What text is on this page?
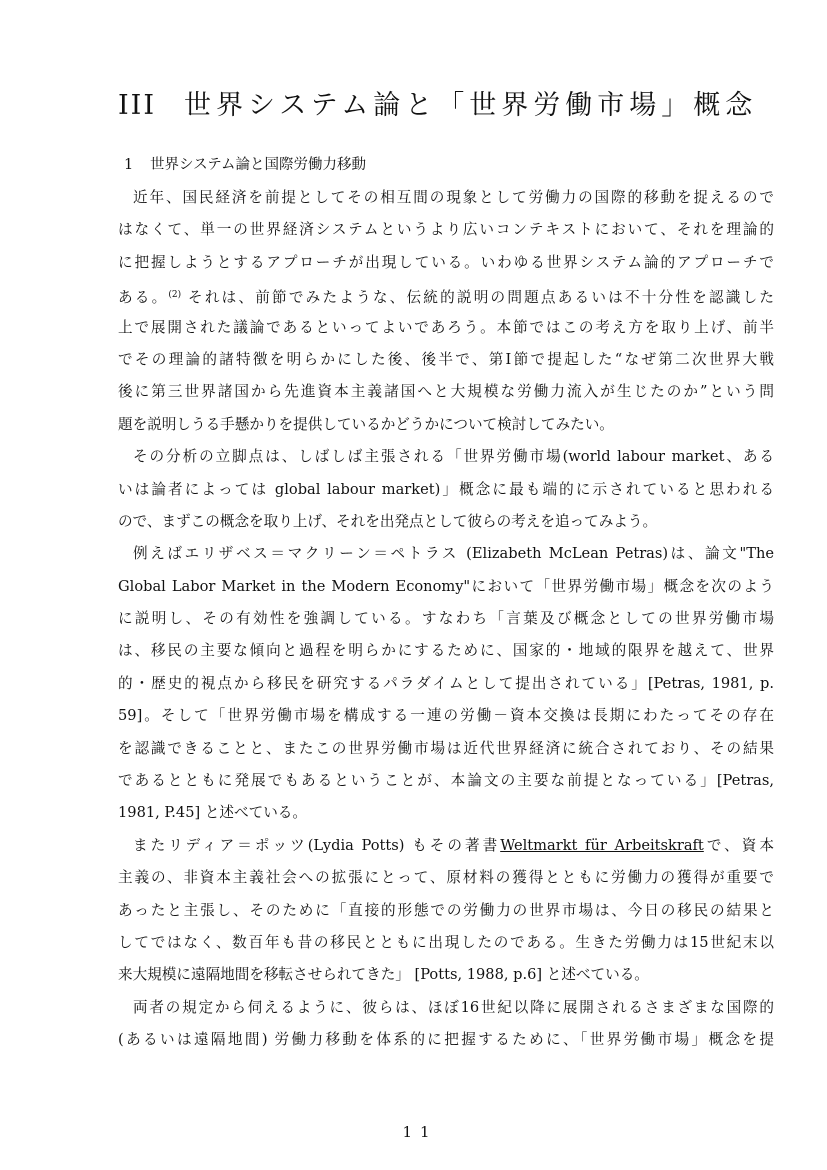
III 世界システム論と「世界労働市場」概念
1 世界システム論と国際労働力移動
近年、国民経済を前提としてその相互間の現象として労働力の国際的移動を捉えるので
はなくて、単一の世界経済システムというより広いコンテキストにおいて、それを理論的
に把握しようとするアプローチが出現している。いわゆる世界システム論的アプローチで
ある。$^{(2)}$ それは、前節でみたような、伝統的説明の問題点あるいは不十分性を認識した
上で展開された議論であるといってよいであろう。本節ではこの考え方を取り上げ、前半
でその理論的諸特徴を明らかにした後、後半で、第Ⅰ節で提起した“なぜ第二次世界大戦
後に第三世界諸国から先進資本主義諸国へと大規模な労働力流入が生じたのか”という問
題を説明しうる手懸かりを提供しているかどうかについて検討してみたい。
その分析の立脚点は、しばしば主張される「世界労働市場(world labour market、ある
いは論者によっては global labour market)」概念に最も端的に示されていると思われる
ので、まずこの概念を取り上げ、それを出発点として彼らの考えを追ってみよう。
例えばエリザベス＝マクリーン＝ペトラス (Elizabeth McLean Petras)は、論文"The
Global Labor Market in the Modern Economy"において「世界労働市場」概念を次のよう
に説明し、その有効性を強調している。すなわち「言葉及び概念としての世界労働市場
は、移民の主要な傾向と過程を明らかにするために、国家的・地域的限界を越えて、世界
的・歴史的視点から移民を研究するパラダイムとして提出されている」[Petras, 1981, p.
59]。そして「世界労働市場を構成する一連の労働－資本交換は長期にわたってその存在
を認識できることと、またこの世界労働市場は近代世界経済に統合されており、その結果
であるとともに発展でもあるということが、本論文の主要な前提となっている」[Petras,
1981, P.45] と述べている。
またリディア＝ポッツ(Lydia Potts) もその著書Weltmarkt für Arbeitskraftで、資本
主義の、非資本主義社会への拡張にとって、原材料の獲得とともに労働力の獲得が重要で
あったと主張し、そのために「直接的形態での労働力の世界市場は、今日の移民の結果と
してではなく、数百年も昔の移民とともに出現したのである。生きた労働力は15世紀末以
来大規模に遠隔地間を移転させられてきた」 [Potts, 1988, p.6] と述べている。
両者の規定から伺えるように、彼らは、ほぼ16世紀以降に展開されるさまざまな国際的
(あるいは遠隔地間) 労働力移動を体系的に把握するために、「世界労働市場」概念を提
11
